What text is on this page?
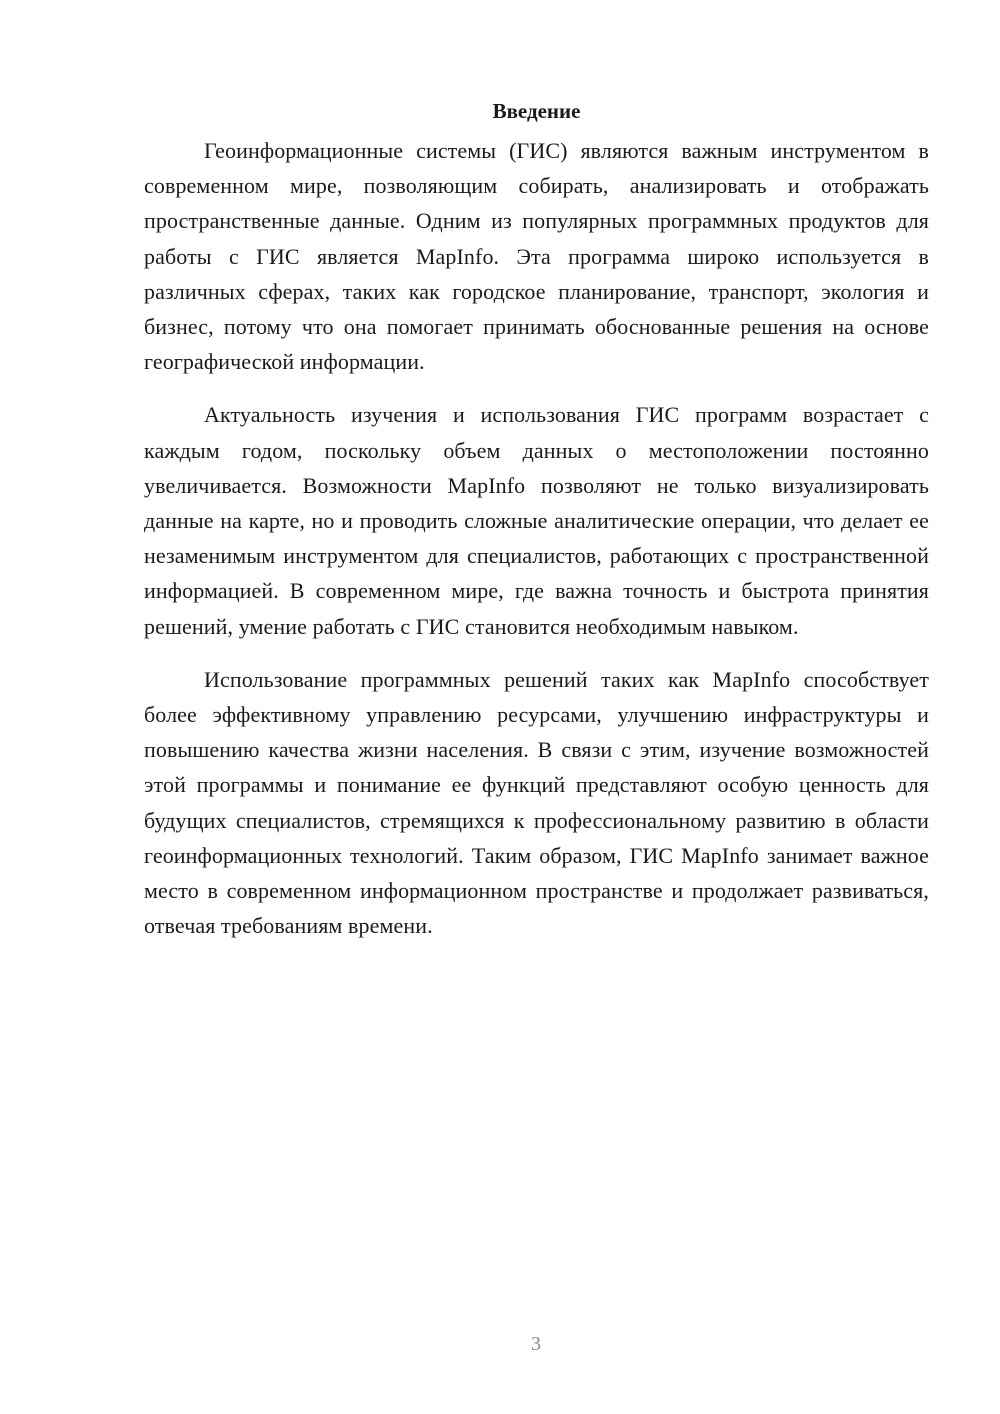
Введение

Геоинформационные системы (ГИС) являются важным инструментом в современном мире, позволяющим собирать, анализировать и отображать пространственные данные. Одним из популярных программных продуктов для работы с ГИС является MapInfo. Эта программа широко используется в различных сферах, таких как городское планирование, транспорт, экология и бизнес, потому что она помогает принимать обоснованные решения на основе географической информации.

Актуальность изучения и использования ГИС программ возрастает с каждым годом, поскольку объем данных о местоположении постоянно увеличивается. Возможности MapInfo позволяют не только визуализировать данные на карте, но и проводить сложные аналитические операции, что делает ее незаменимым инструментом для специалистов, работающих с пространственной информацией. В современном мире, где важна точность и быстрота принятия решений, умение работать с ГИС становится необходимым навыком.

Использование программных решений таких как MapInfo способствует более эффективному управлению ресурсами, улучшению инфраструктуры и повышению качества жизни населения. В связи с этим, изучение возможностей этой программы и понимание ее функций представляют особую ценность для будущих специалистов, стремящихся к профессиональному развитию в области геоинформационных технологий. Таким образом, ГИС MapInfo занимает важное место в современном информационном пространстве и продолжает развиваться, отвечая требованиям времени.

3
